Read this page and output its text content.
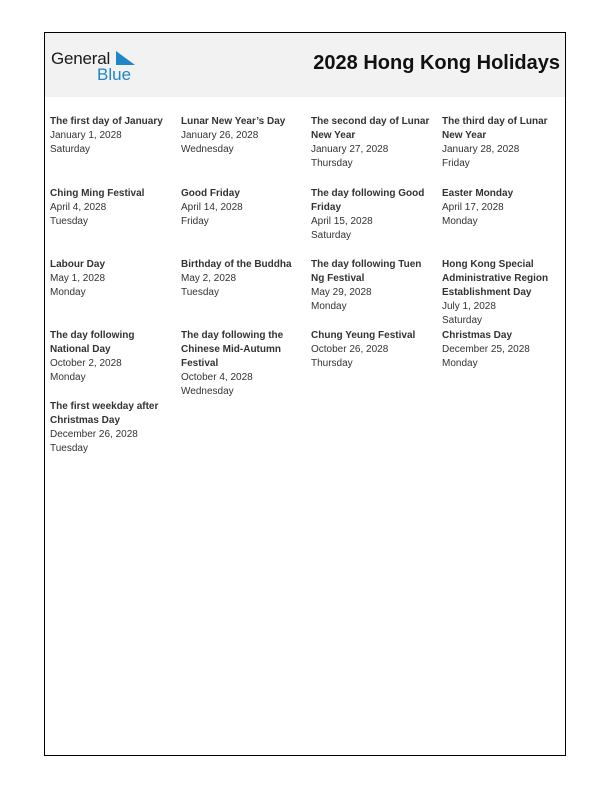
General
Blue
2028 Hong Kong Holidays
The first day of January
January 1, 2028
Saturday
Lunar New Year’s Day
January 26, 2028
Wednesday
The second day of Lunar New Year
January 27, 2028
Thursday
The third day of Lunar New Year
January 28, 2028
Friday
Ching Ming Festival
April 4, 2028
Tuesday
Good Friday
April 14, 2028
Friday
The day following Good Friday
April 15, 2028
Saturday
Easter Monday
April 17, 2028
Monday
Labour Day
May 1, 2028
Monday
Birthday of the Buddha
May 2, 2028
Tuesday
The day following Tuen Ng Festival
May 29, 2028
Monday
Hong Kong Special Administrative Region Establishment Day
July 1, 2028
Saturday
The day following National Day
October 2, 2028
Monday
The day following the Chinese Mid-Autumn Festival
October 4, 2028
Wednesday
Chung Yeung Festival
October 26, 2028
Thursday
Christmas Day
December 25, 2028
Monday
The first weekday after Christmas Day
December 26, 2028
Tuesday
